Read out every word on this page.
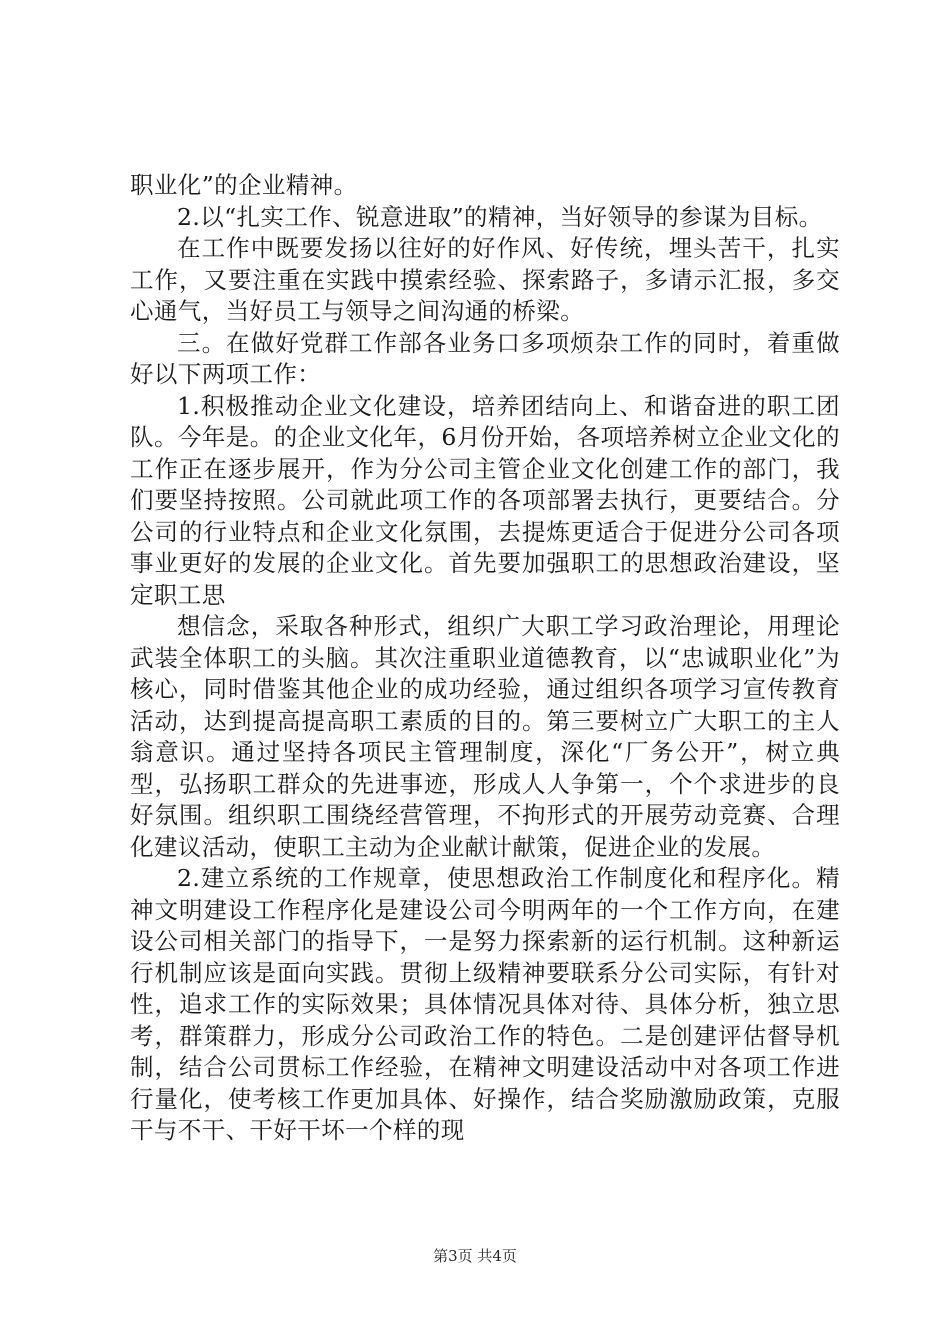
职业化”的企业精神。

2.以“扎实工作、锐意进取”的精神，当好领导的参谋为目标。

在工作中既要发扬以往好的好作风、好传统，埋头苦干，扎实工作，又要注重在实践中摸索经验、探索路子，多请示汇报，多交心通气，当好员工与领导之间沟通的桥梁。

三。在做好党群工作部各业务口多项烦杂工作的同时，着重做好以下两项工作：

1.积极推动企业文化建设，培养团结向上、和谐奋进的职工团队。今年是。的企业文化年，6月份开始，各项培养树立企业文化的工作正在逐步展开，作为分公司主管企业文化创建工作的部门，我们要坚持按照。公司就此项工作的各项部署去执行，更要结合。分公司的行业特点和企业文化氛围，去提炼更适合于促进分公司各项事业更好的发展的企业文化。首先要加强职工的思想政治建设，坚定职工思

想信念，采取各种形式，组织广大职工学习政治理论，用理论武装全体职工的头脑。其次注重职业道德教育，以“忠诚职业化”为核心，同时借鉴其他企业的成功经验，通过组织各项学习宣传教育活动，达到提高提高职工素质的目的。第三要树立广大职工的主人翁意识。通过坚持各项民主管理制度，深化“厂务公开”，树立典型，弘扬职工群众的先进事迹，形成人人争第一，个个求进步的良好氛围。组织职工围绕经营管理，不拘形式的开展劳动竞赛、合理化建议活动，使职工主动为企业献计献策，促进企业的发展。

2.建立系统的工作规章，使思想政治工作制度化和程序化。精神文明建设工作程序化是建设公司今明两年的一个工作方向，在建设公司相关部门的指导下，一是努力探索新的运行机制。这种新运行机制应该是面向实践。贯彻上级精神要联系分公司实际，有针对性，追求工作的实际效果；具体情况具体对待、具体分析，独立思考，群策群力，形成分公司政治工作的特色。二是创建评估督导机制，结合公司贯标工作经验，在精神文明建设活动中对各项工作进行量化，使考核工作更加具体、好操作，结合奖励激励政策，克服干与不干、干好干坏一个样的现

第3页 共4页
